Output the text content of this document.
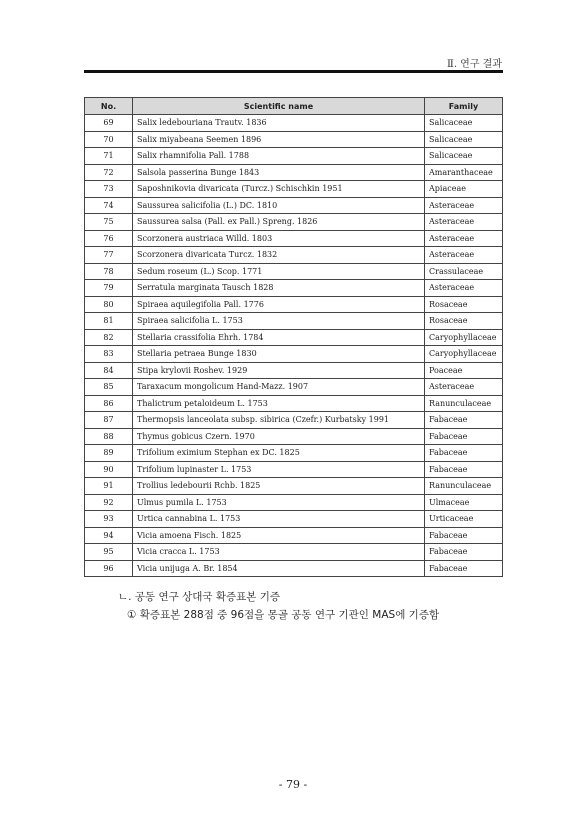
Ⅱ. 연구 결과
No.	Scientific name	Family
69	Salix ledebouriana Trautv. 1836	Salicaceae
70	Salix miyabeana Seemen 1896	Salicaceae
71	Salix rhamnifolia Pall. 1788	Salicaceae
72	Salsola passerina Bunge 1843	Amaranthaceae
73	Saposhnikovia divaricata (Turcz.) Schischkin 1951	Apiaceae
74	Saussurea salicifolia (L.) DC. 1810	Asteraceae
75	Saussurea salsa (Pall. ex Pall.) Spreng. 1826	Asteraceae
76	Scorzonera austriaca Willd. 1803	Asteraceae
77	Scorzonera divaricata Turcz. 1832	Asteraceae
78	Sedum roseum (L.) Scop. 1771	Crassulaceae
79	Serratula marginata Tausch 1828	Asteraceae
80	Spiraea aquilegifolia Pall. 1776	Rosaceae
81	Spiraea salicifolia L. 1753	Rosaceae
82	Stellaria crassifolia Ehrh. 1784	Caryophyllaceae
83	Stellaria petraea Bunge 1830	Caryophyllaceae
84	Stipa krylovii Roshev. 1929	Poaceae
85	Taraxacum mongolicum Hand-Mazz. 1907	Asteraceae
86	Thalictrum petaloideum L. 1753	Ranunculaceae
87	Thermopsis lanceolata subsp. sibirica (Czefr.) Kurbatsky 1991	Fabaceae
88	Thymus gobicus Czern. 1970	Fabaceae
89	Trifolium eximium Stephan ex DC. 1825	Fabaceae
90	Trifolium lupinaster L. 1753	Fabaceae
91	Trollius ledebourii Rchb. 1825	Ranunculaceae
92	Ulmus pumila L. 1753	Ulmaceae
93	Urtica cannabina L. 1753	Urticaceae
94	Vicia amoena Fisch. 1825	Fabaceae
95	Vicia cracca L. 1753	Fabaceae
96	Vicia unijuga A. Br. 1854	Fabaceae
ㄴ. 공동 연구 상대국 확증표본 기증
① 확증표본 288점 중 96점을 몽골 공동 연구 기관인 MAS에 기증함
- 79 -
